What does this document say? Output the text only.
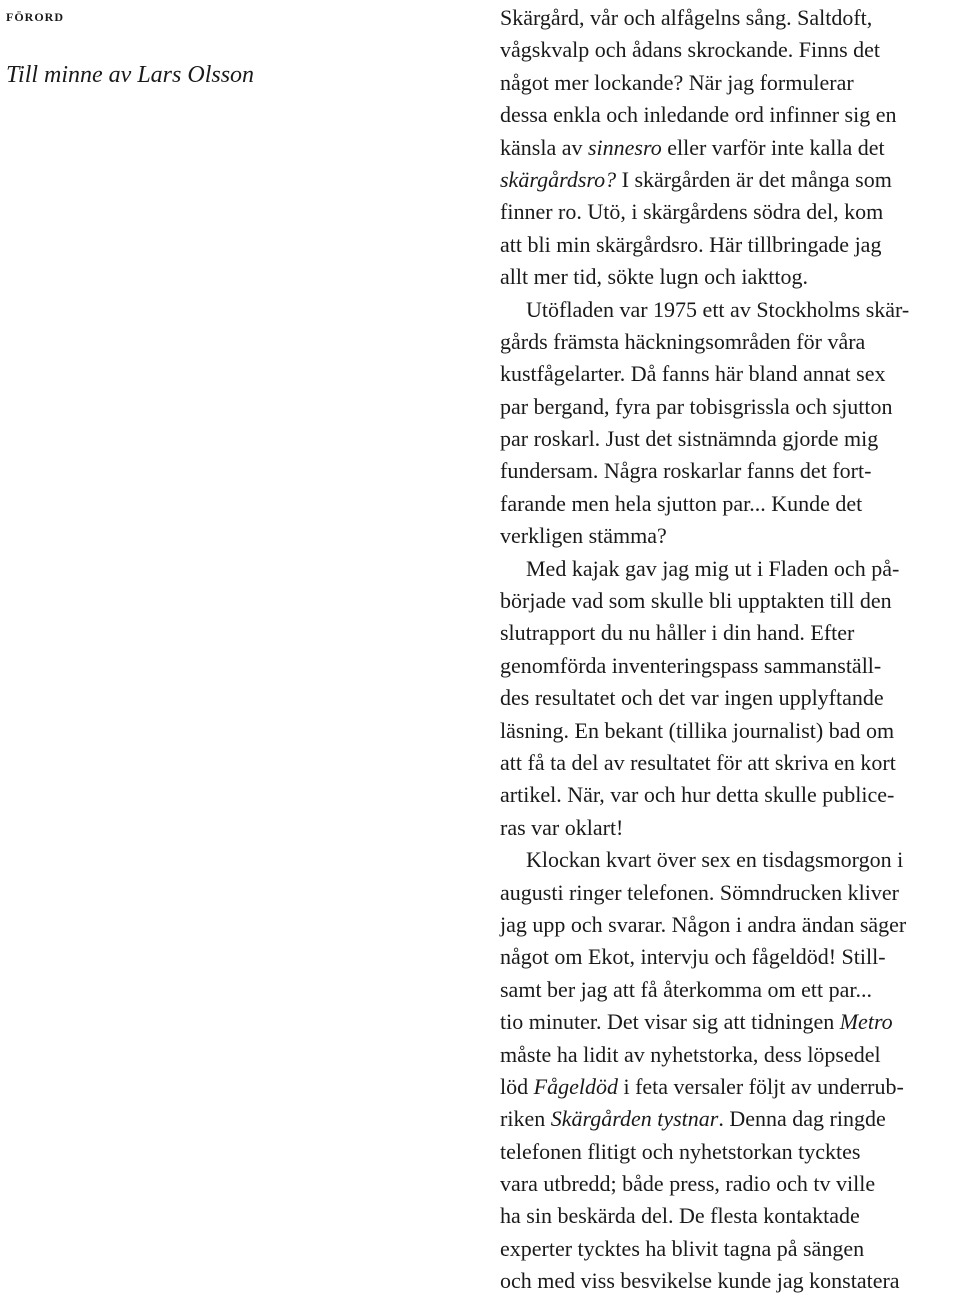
förord
Till minne av Lars Olsson
Skärgård, vår och alfågelns sång. Saltdoft,
vågskvalp och ådans skrockande. Finns det
något mer lockande? När jag formulerar
dessa enkla och inledande ord infinner sig en
känsla av sinnesro eller varför inte kalla det
skärgårdsro? I skärgården är det många som
finner ro. Utö, i skärgårdens södra del, kom
att bli min skärgårdsro. Här tillbringade jag
allt mer tid, sökte lugn och iakttog.
Utöfladen var 1975 ett av Stockholms skär-
gårds främsta häckningsområden för våra
kustfågelarter. Då fanns här bland annat sex
par bergand, fyra par tobisgrissla och sjutton
par roskarl. Just det sistnämnda gjorde mig
fundersam. Några roskarlar fanns det fort-
farande men hela sjutton par... Kunde det
verkligen stämma?
Med kajak gav jag mig ut i Fladen och på-
började vad som skulle bli upptakten till den
slutrapport du nu håller i din hand. Efter
genomförda inventeringspass sammanställ-
des resultatet och det var ingen upplyftande
läsning. En bekant (tillika journalist) bad om
att få ta del av resultatet för att skriva en kort
artikel. När, var och hur detta skulle publice-
ras var oklart!
Klockan kvart över sex en tisdagsmorgon i
augusti ringer telefonen. Sömndrucken kliver
jag upp och svarar. Någon i andra ändan säger
något om Ekot, intervju och fågeldöd! Still-
samt ber jag att få återkomma om ett par...
tio minuter. Det visar sig att tidningen Metro
måste ha lidit av nyhetstorka, dess löpsedel
löd Fågeldöd i feta versaler följt av underrub-
riken Skärgården tystnar. Denna dag ringde
telefonen flitigt och nyhetstorkan tycktes
vara utbredd; både press, radio och tv ville
ha sin beskärda del. De flesta kontaktade
experter tycktes ha blivit tagna på sängen
och med viss besvikelse kunde jag konstatera
